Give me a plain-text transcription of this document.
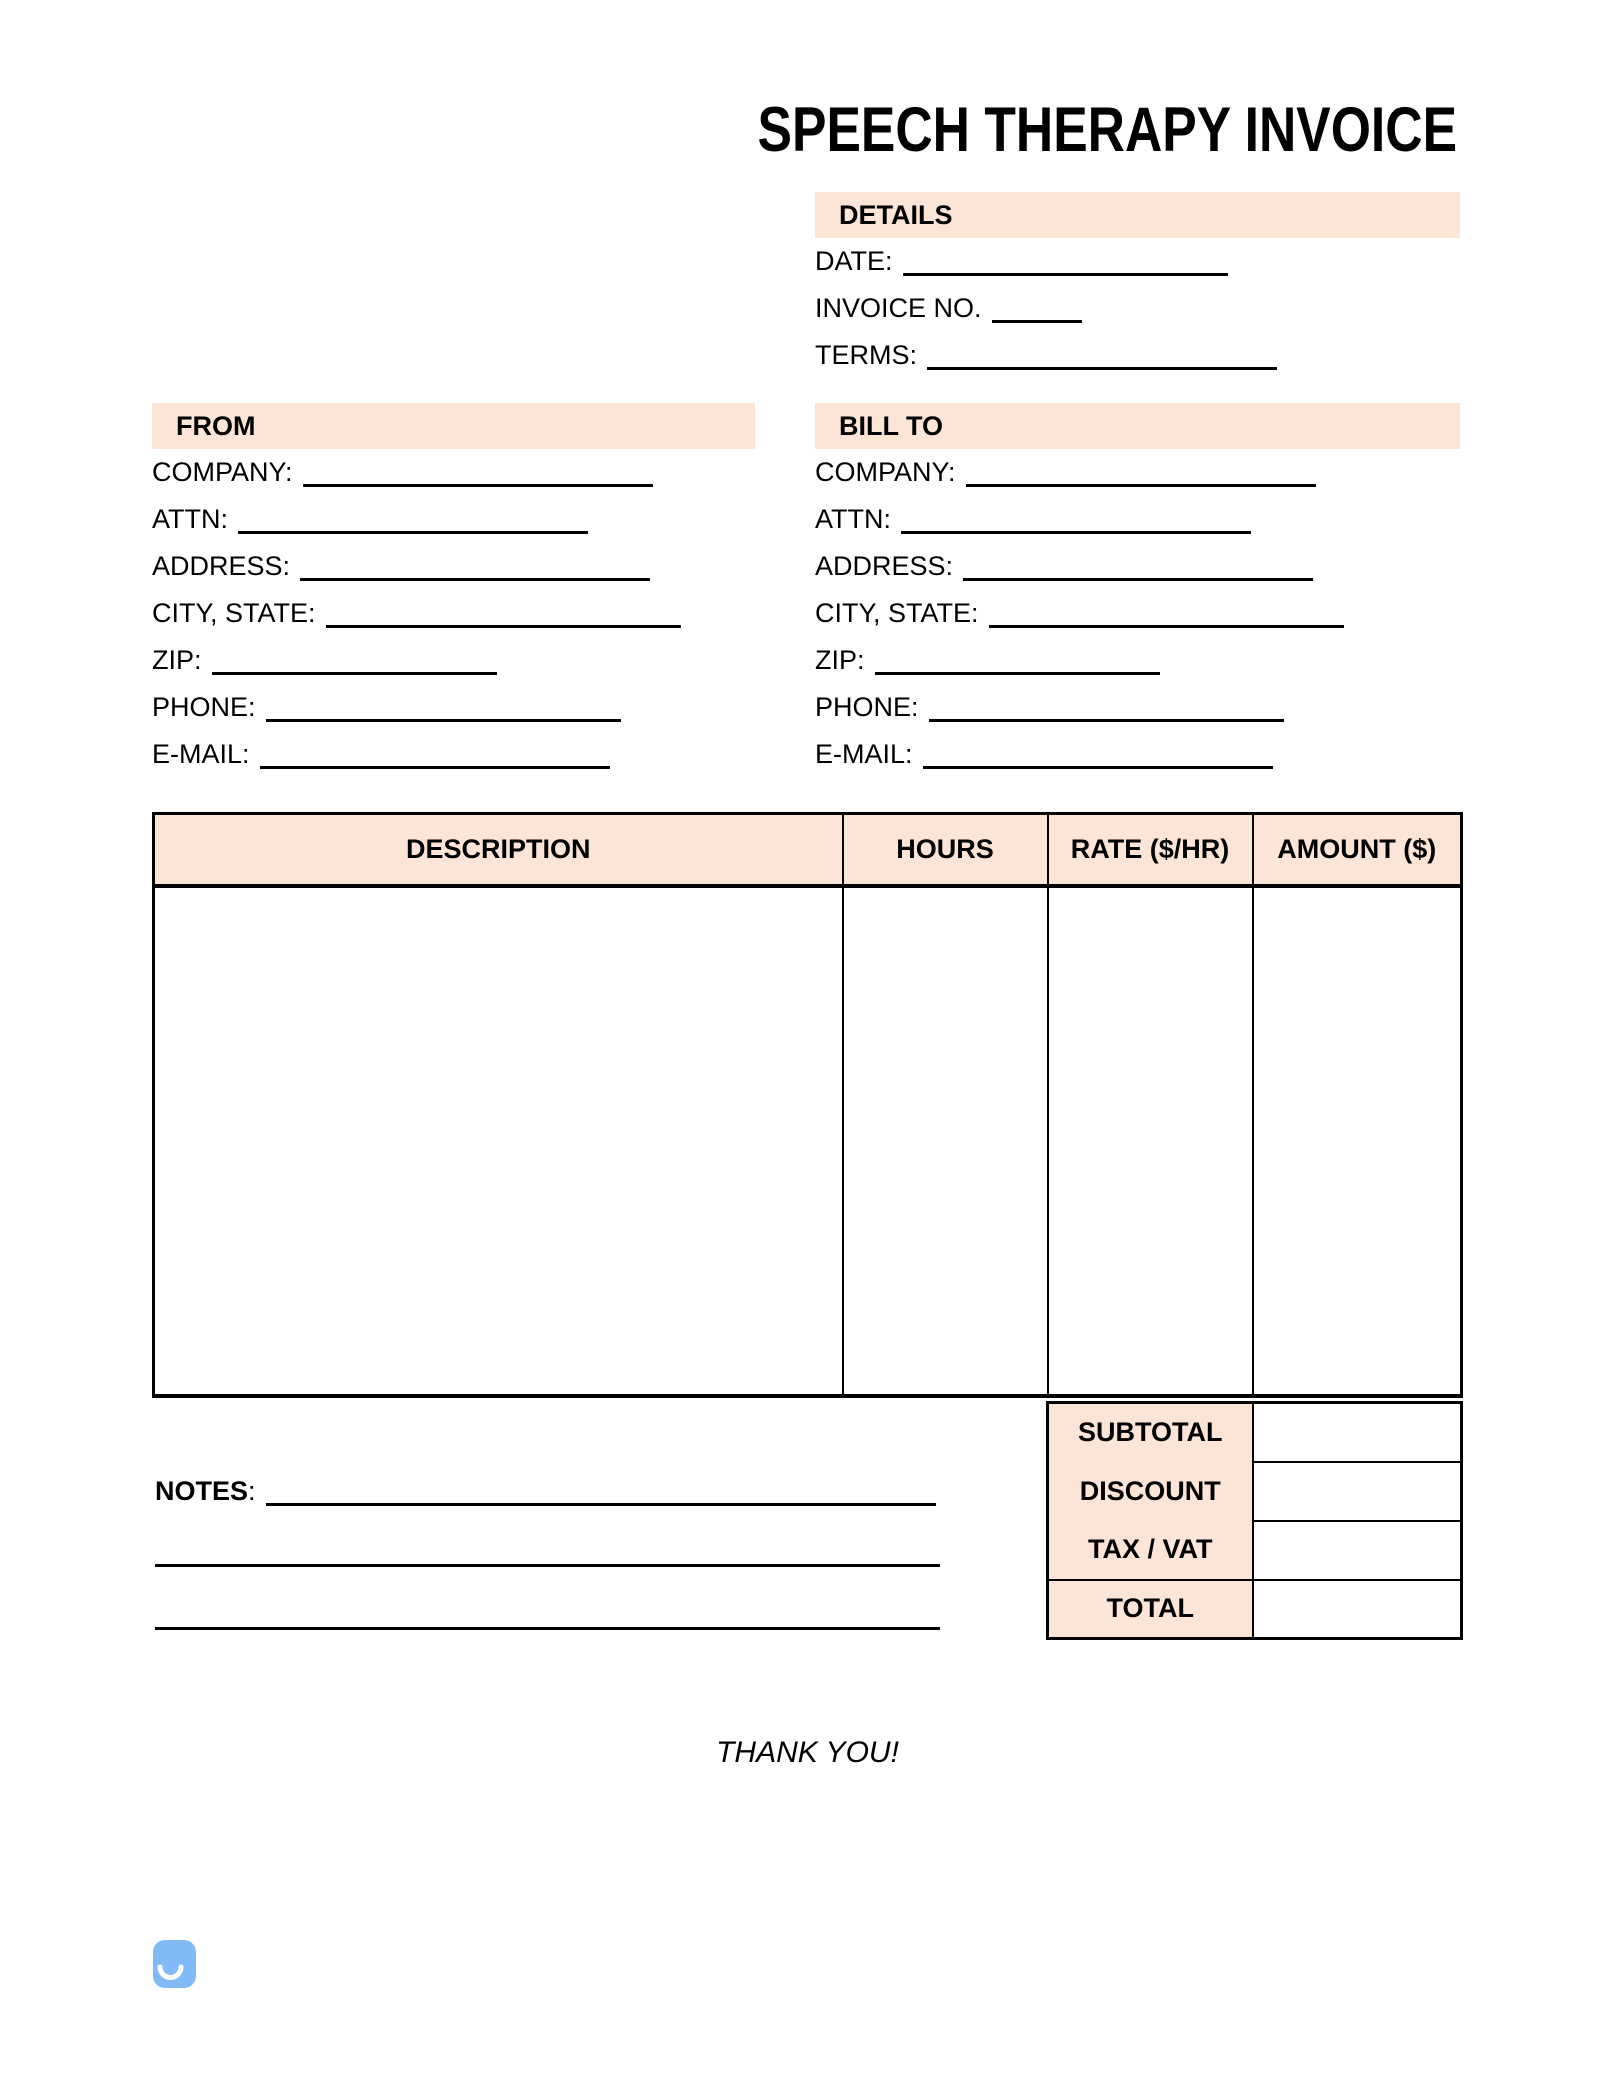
SPEECH THERAPY INVOICE
DETAILS
DATE:
INVOICE NO.
TERMS:
FROM
COMPANY:
ATTN:
ADDRESS:
CITY, STATE:
ZIP:
PHONE:
E-MAIL:
BILL TO
COMPANY:
ATTN:
ADDRESS:
CITY, STATE:
ZIP:
PHONE:
E-MAIL:
DESCRIPTION	HOURS	RATE ($/HR)	AMOUNT ($)

SUBTOTAL	
DISCOUNT	
TAX / VAT	
TOTAL	
NOTES :
THANK YOU!
